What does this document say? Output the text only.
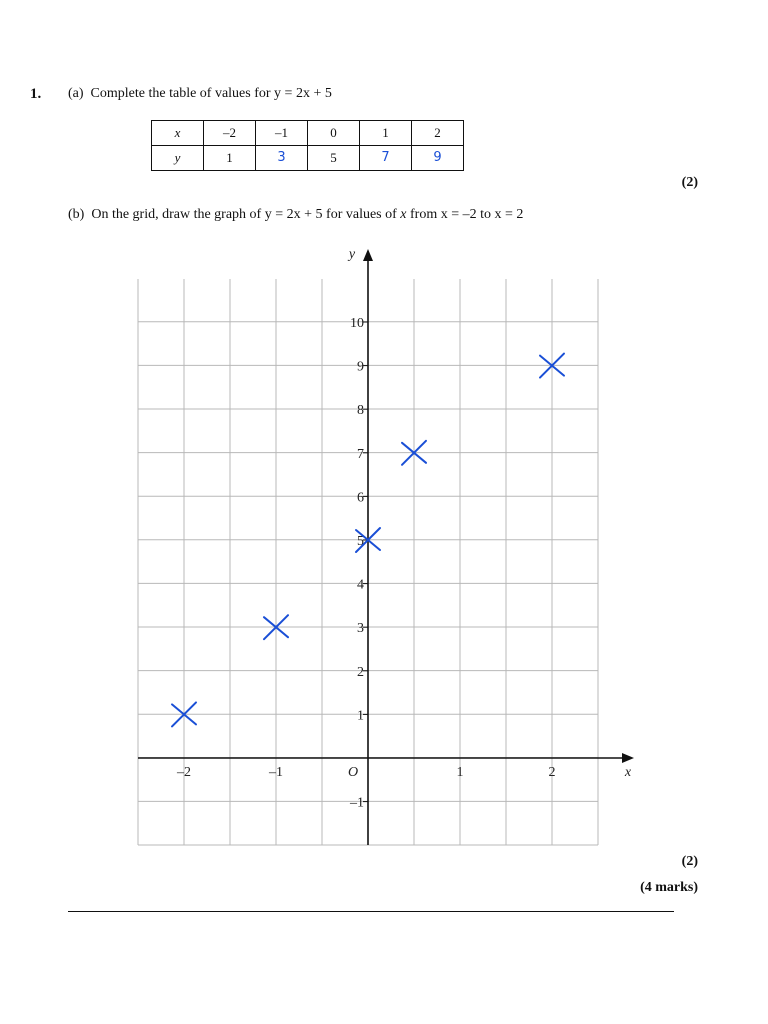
1. (a) Complete the table of values for y = 2x + 5
x	–2	–1	0	1	2
y	1	3	5	7	9
(2)
(b) On the grid, draw the graph of y = 2x + 5 for values of x from x = –2 to x = 2
x
y
O
–2	–1	1	2
–1
1
2
3
4
5
6
7
8
9
10
(2)
(4 marks)
